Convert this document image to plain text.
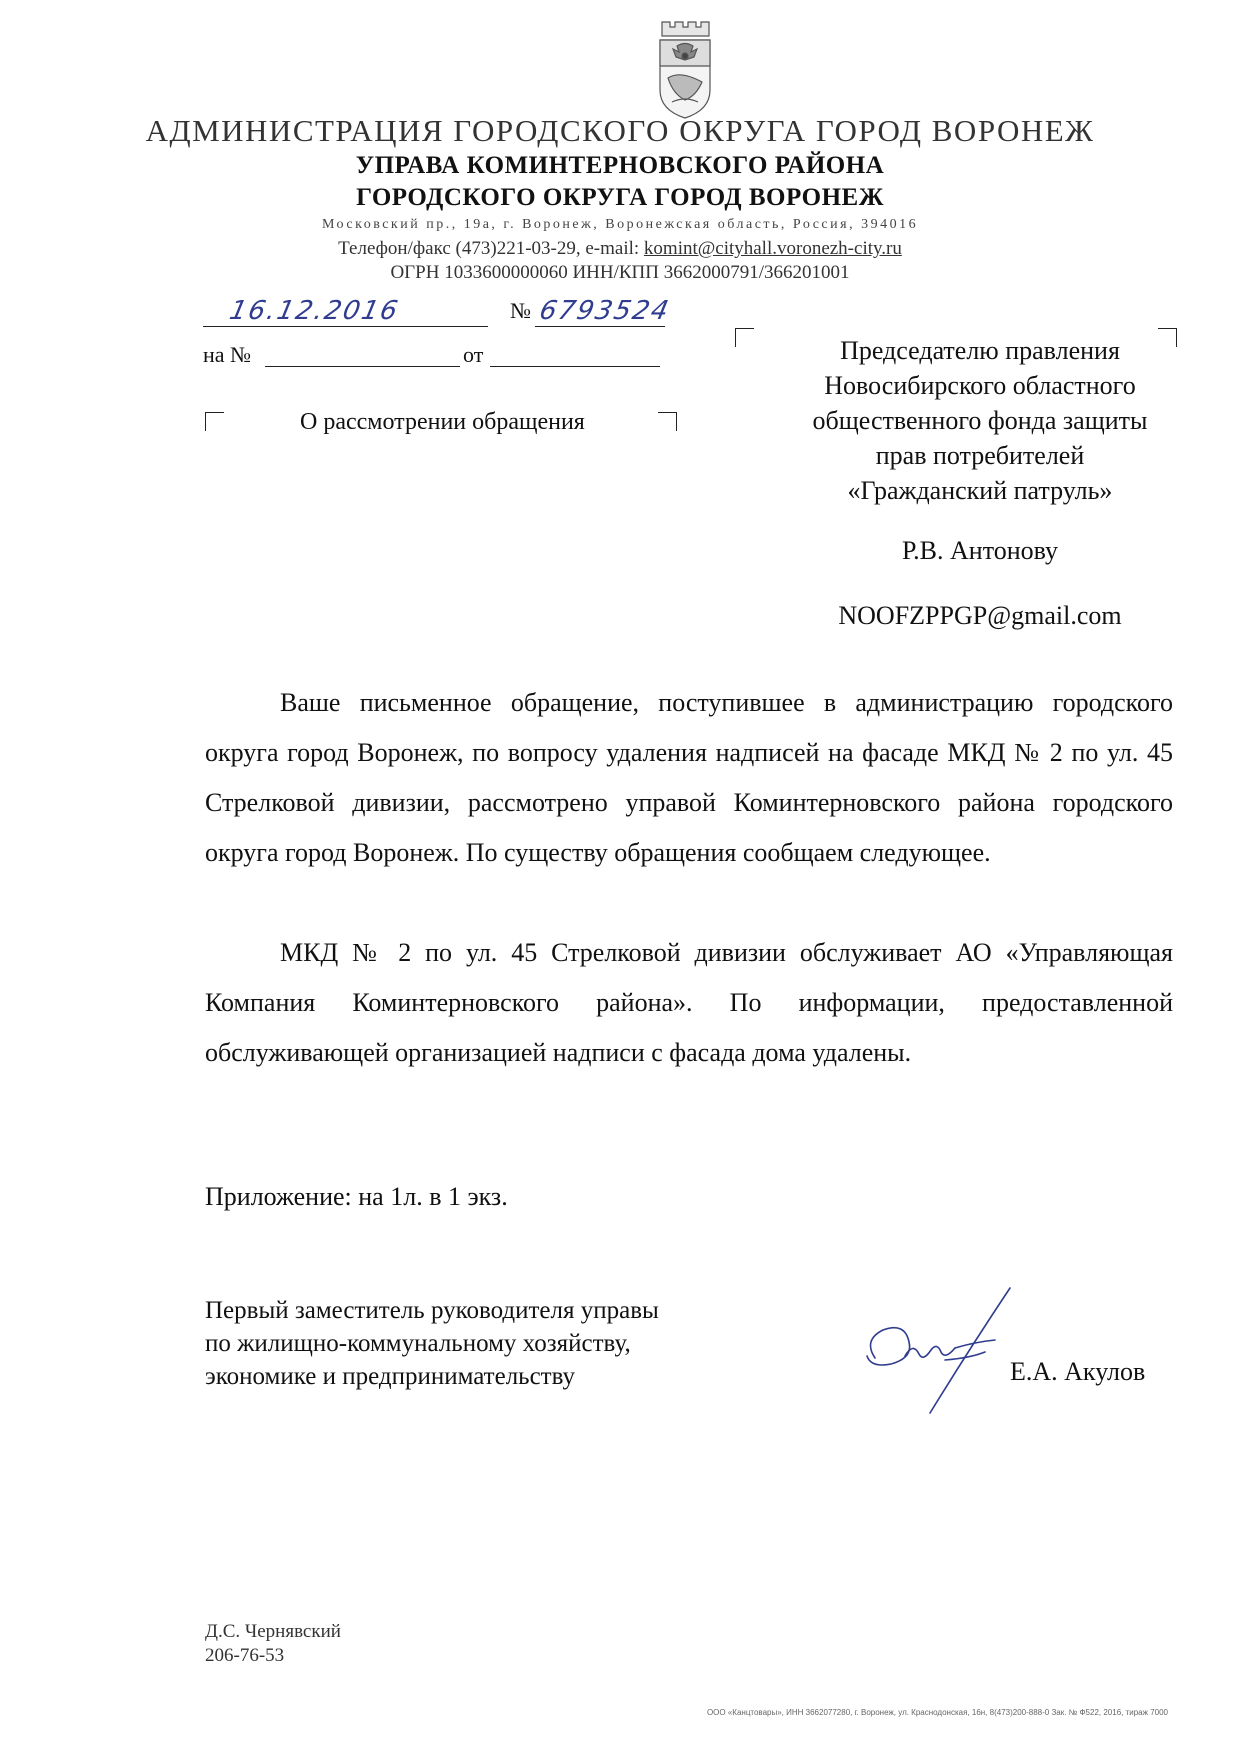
АДМИНИСТРАЦИЯ ГОРОДСКОГО ОКРУГА ГОРОД ВОРОНЕЖ
УПРАВА КОМИНТЕРНОВСКОГО РАЙОНА
ГОРОДСКОГО ОКРУГА ГОРОД ВОРОНЕЖ
Московский пр., 19а, г. Воронеж, Воронежская область, Россия, 394016
Телефон/факс (473)221-03-29, e-mail: komint@cityhall.voronezh-city.ru
ОГРН 1033600000060 ИНН/КПП 3662000791/366201001
16.12.2016	№ 6793524
на №	от
О рассмотрении обращения
Председателю правления
Новосибирского областного
общественного фонда защиты
прав потребителей
«Гражданский патруль»
Р.В. Антонову
NOOFZPPGP@gmail.com
Ваше письменное обращение, поступившее в администрацию городского округа город Воронеж, по вопросу удаления надписей на фасаде МКД № 2 по ул. 45 Стрелковой дивизии, рассмотрено управой Коминтерновского района городского округа город Воронеж. По существу обращения сообщаем следующее.
МКД № 2 по ул. 45 Стрелковой дивизии обслуживает АО «Управляющая Компания Коминтерновского района». По информации, предоставленной обслуживающей организацией надписи с фасада дома удалены.
Приложение: на 1л. в 1 экз.
Первый заместитель руководителя управы
по жилищно-коммунальному хозяйству,
экономике и предпринимательству	Е.А. Акулов
Д.С. Чернявский
206-76-53
ООО «Канцтовары», ИНН 3662077280, г. Воронеж, ул. Краснодонская, 16н, 8(473)200-888-0 Зак. № Ф522, 2016, тираж 7000
